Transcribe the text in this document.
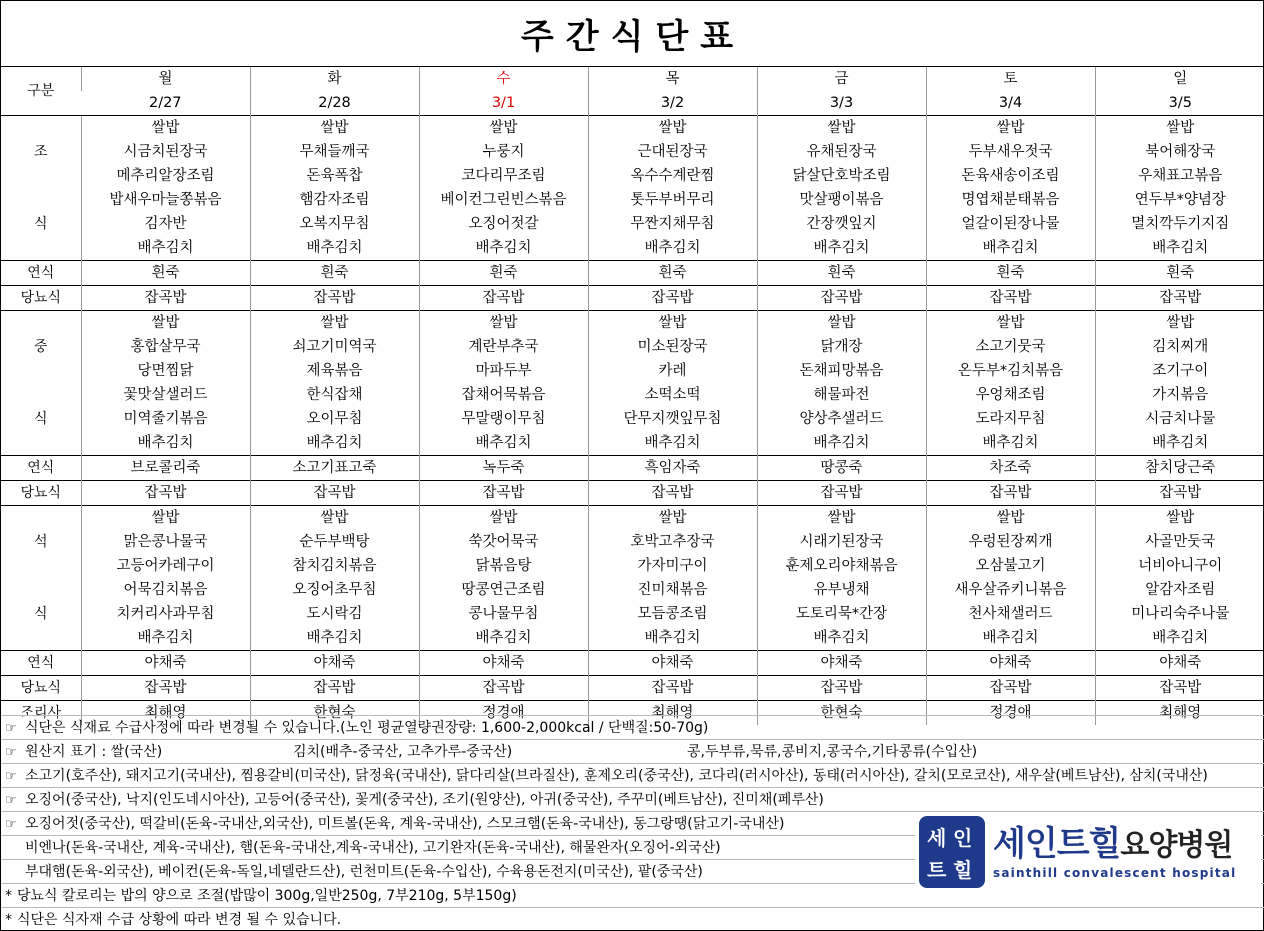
주간식단표
구분	월	화	수	목	금	토	일
	2/27	2/28	3/1	3/2	3/3	3/4	3/5
	쌀밥	쌀밥	쌀밥	쌀밥	쌀밥	쌀밥	쌀밥
조	시금치된장국	무채들깨국	누룽지	근대된장국	유채된장국	두부새우젓국	북어해장국
	메추리알장조림	돈육폭찹	코다리무조림	옥수수계란찜	닭살단호박조림	돈육새송이조림	우채표고볶음
	밥새우마늘쫑볶음	햄감자조림	베이컨그린빈스볶음	톳두부버무리	맛살팽이볶음	명엽채분태볶음	연두부*양념장
식	김자반	오복지무침	오징어젓갈	무짠지채무침	간장깻잎지	얼갈이된장나물	멸치깍두기지짐
	배추김치	배추김치	배추김치	배추김치	배추김치	배추김치	배추김치
연식	흰죽	흰죽	흰죽	흰죽	흰죽	흰죽	흰죽
당뇨식	잡곡밥	잡곡밥	잡곡밥	잡곡밥	잡곡밥	잡곡밥	잡곡밥
	쌀밥	쌀밥	쌀밥	쌀밥	쌀밥	쌀밥	쌀밥
중	홍합살무국	쇠고기미역국	계란부추국	미소된장국	닭개장	소고기뭇국	김치찌개
	당면찜닭	제육볶음	마파두부	카레	돈채피망볶음	온두부*김치볶음	조기구이
	꽃맛살샐러드	한식잡채	잡채어묵볶음	소떡소떡	해물파전	우엉채조림	가지볶음
식	미역줄기볶음	오이무침	무말랭이무침	단무지깻잎무침	양상추샐러드	도라지무침	시금치나물
	배추김치	배추김치	배추김치	배추김치	배추김치	배추김치	배추김치
연식	브로콜리죽	소고기표고죽	녹두죽	흑임자죽	땅콩죽	차조죽	참치당근죽
당뇨식	잡곡밥	잡곡밥	잡곡밥	잡곡밥	잡곡밥	잡곡밥	잡곡밥
	쌀밥	쌀밥	쌀밥	쌀밥	쌀밥	쌀밥	쌀밥
석	맑은콩나물국	순두부백탕	쑥갓어묵국	호박고추장국	시래기된장국	우렁된장찌개	사골만둣국
	고등어카레구이	참치김치볶음	닭볶음탕	가자미구이	훈제오리야채볶음	오삼불고기	너비아니구이
	어묵김치볶음	오징어초무침	땅콩연근조림	진미채볶음	유부냉채	새우살쥬키니볶음	알감자조림
식	치커리사과무침	도시락김	콩나물무침	모듬콩조림	도토리묵*간장	천사채샐러드	미나리숙주나물
	배추김치	배추김치	배추김치	배추김치	배추김치	배추김치	배추김치
연식	야채죽	야채죽	야채죽	야채죽	야채죽	야채죽	야채죽
당뇨식	잡곡밥	잡곡밥	잡곡밥	잡곡밥	잡곡밥	잡곡밥	잡곡밥
조리사	최해영	한현숙	정경애	최해영	한현숙	정경애	최해영
☞ 식단은 식재료 수급사정에 따라 변경될 수 있습니다.(노인 평균열량권장량: 1,600-2,000kcal / 단백질:50-70g)
☞ 원산지 표기 : 쌀(국산)	김치(배추-중국산, 고추가루-중국산)	콩,두부류,묵류,콩비지,콩국수,기타콩류(수입산)
☞ 소고기(호주산), 돼지고기(국내산), 찜용갈비(미국산), 닭정육(국내산), 닭다리살(브라질산), 훈제오리(중국산), 코다리(러시아산), 동태(러시아산), 갈치(모로코산), 새우살(베트남산), 삼치(국내산)
☞ 오징어(중국산), 낙지(인도네시아산), 고등어(중국산), 꽃게(중국산), 조기(원양산), 아귀(중국산), 주꾸미(베트남산), 진미채(페루산)
☞ 오징어젓(중국산), 떡갈비(돈육-국내산,외국산), 미트볼(돈육, 계육-국내산), 스모크햄(돈육-국내산), 동그랑땡(닭고기-국내산)
비엔나(돈육-국내산, 계육-국내산), 햄(돈육-국내산,계육-국내산), 고기완자(돈육-국내산), 해물완자(오징어-외국산)
부대햄(돈육-외국산), 베이컨(돈육-독일,네델란드산), 런천미트(돈육-수입산), 수육용돈전지(미국산), 팥(중국산)
* 당뇨식 칼로리는 밥의 양으로 조절(밥많이 300g,일반250g, 7부210g, 5부150g)
* 식단은 식자재 수급 상황에 따라 변경 될 수 있습니다.
세 인
트 힐
세인트힐요양병원
sainthill convalescent hospital
